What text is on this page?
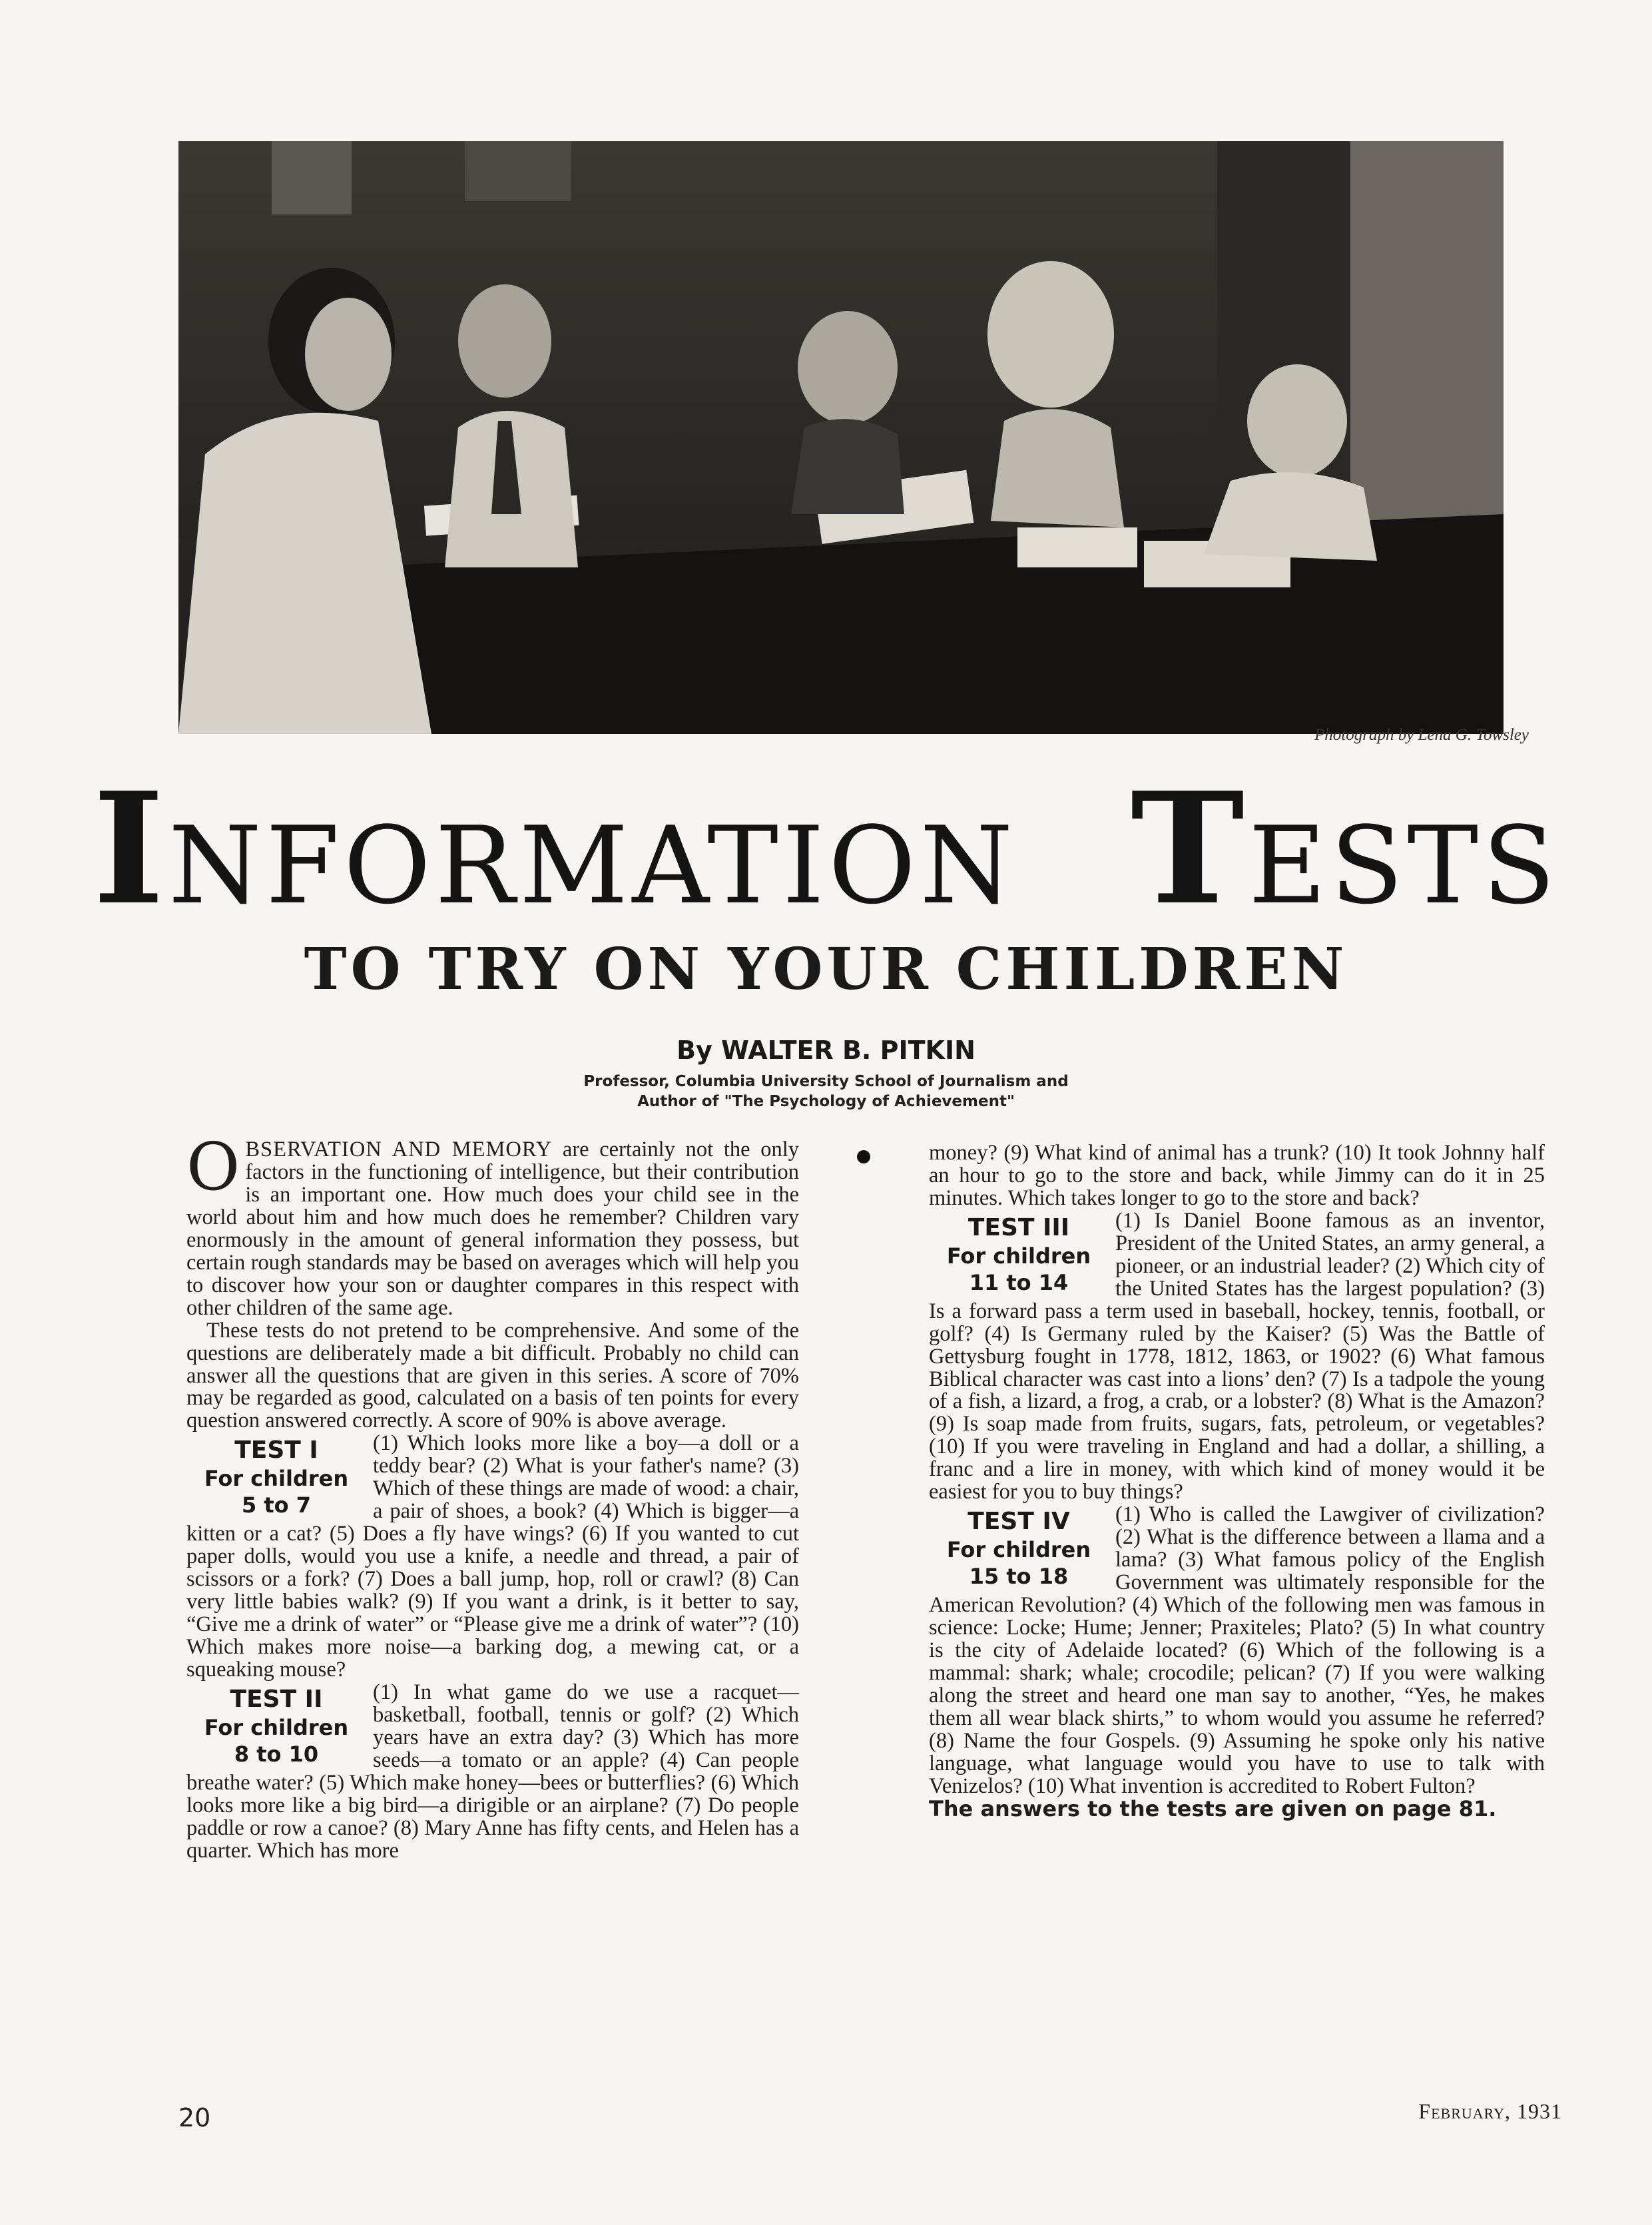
Photograph by Lena G. Towsley
INFORMATION TESTS
TO TRY ON YOUR CHILDREN
By WALTER B. PITKIN
Professor, Columbia University School of Journalism and
Author of "The Psychology of Achievement"

OBSERVATION AND MEMORY are certainly not the only factors in the functioning of intelligence, but their contribution is an important one. How much does your child see in the world about him and how much does he remember? Children vary enormously in the amount of general information they possess, but certain rough standards may be based on averages which will help you to discover how your son or daughter compares in this respect with other children of the same age.

These tests do not pretend to be comprehensive. And some of the questions are deliberately made a bit difficult. Probably no child can answer all the questions that are given in this series. A score of 70% may be regarded as good, calculated on a basis of ten points for every question answered correctly. A score of 90% is above average.

TEST I
For children
5 to 7
(1) Which looks more like a boy—a doll or a teddy bear? (2) What is your father's name? (3) Which of these things are made of wood: a chair, a pair of shoes, a book? (4) Which is bigger—a kitten or a cat? (5) Does a fly have wings? (6) If you wanted to cut paper dolls, would you use a knife, a needle and thread, a pair of scissors or a fork? (7) Does a ball jump, hop, roll or crawl? (8) Can very little babies walk? (9) If you want a drink, is it better to say, “Give me a drink of water” or “Please give me a drink of water”? (10) Which makes more noise—a barking dog, a mewing cat, or a squeaking mouse?

TEST II
For children
8 to 10
(1) In what game do we use a racquet—basketball, football, tennis or golf? (2) Which years have an extra day? (3) Which has more seeds—a tomato or an apple? (4) Can people breathe water? (5) Which make honey—bees or butterflies? (6) Which looks more like a big bird—a dirigible or an airplane? (7) Do people paddle or row a canoe? (8) Mary Anne has fifty cents, and Helen has a quarter. Which has more

money? (9) What kind of animal has a trunk? (10) It took Johnny half an hour to go to the store and back, while Jimmy can do it in 25 minutes. Which takes longer to go to the store and back?

TEST III
For children
11 to 14
(1) Is Daniel Boone famous as an inventor, President of the United States, an army general, a pioneer, or an industrial leader? (2) Which city of the United States has the largest population? (3) Is a forward pass a term used in baseball, hockey, tennis, football, or golf? (4) Is Germany ruled by the Kaiser? (5) Was the Battle of Gettysburg fought in 1778, 1812, 1863, or 1902? (6) What famous Biblical character was cast into a lions’ den? (7) Is a tadpole the young of a fish, a lizard, a frog, a crab, or a lobster? (8) What is the Amazon? (9) Is soap made from fruits, sugars, fats, petroleum, or vegetables? (10) If you were traveling in England and had a dollar, a shilling, a franc and a lire in money, with which kind of money would it be easiest for you to buy things?

TEST IV
For children
15 to 18
(1) Who is called the Lawgiver of civilization? (2) What is the difference between a llama and a lama? (3) What famous policy of the English Government was ultimately responsible for the American Revolution? (4) Which of the following men was famous in science: Locke; Hume; Jenner; Praxiteles; Plato? (5) In what country is the city of Adelaide located? (6) Which of the following is a mammal: shark; whale; crocodile; pelican? (7) If you were walking along the street and heard one man say to another, “Yes, he makes them all wear black shirts,” to whom would you assume he referred? (8) Name the four Gospels. (9) Assuming he spoke only his native language, what language would you have to use to talk with Venizelos? (10) What invention is accredited to Robert Fulton?

The answers to the tests are given on page 81.

20	February, 1931
